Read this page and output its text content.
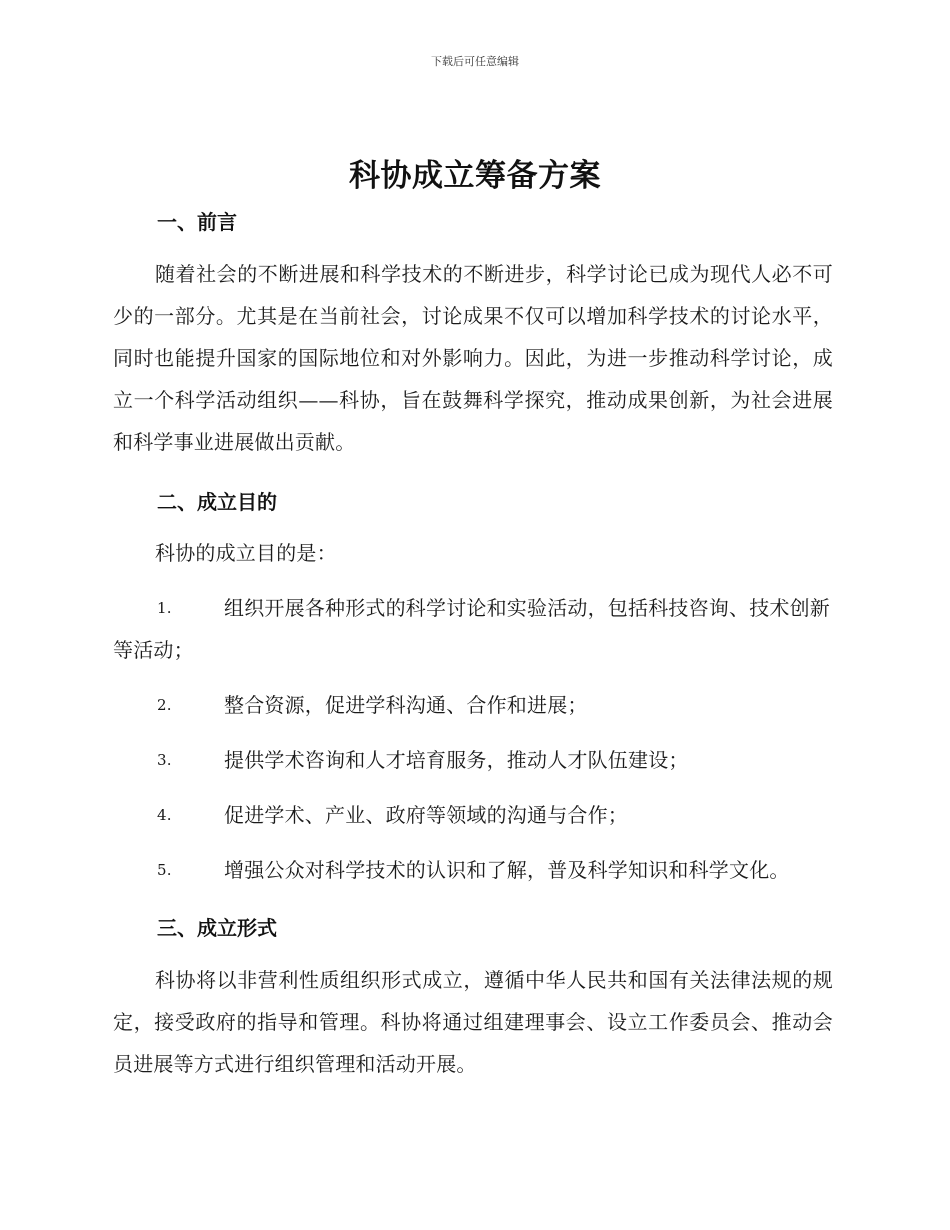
下载后可任意编辑
科协成立筹备方案
一、前言
随着社会的不断进展和科学技术的不断进步，科学讨论已成为现代人必不可少的一部分。尤其是在当前社会，讨论成果不仅可以增加科学技术的讨论水平，同时也能提升国家的国际地位和对外影响力。因此，为进一步推动科学讨论，成立一个科学活动组织——科协，旨在鼓舞科学探究，推动成果创新，为社会进展和科学事业进展做出贡献。
二、成立目的
科协的成立目的是：
1.	组织开展各种形式的科学讨论和实验活动，包括科技咨询、技术创新等活动；
2.	整合资源，促进学科沟通、合作和进展；
3.	提供学术咨询和人才培育服务，推动人才队伍建设；
4.	促进学术、产业、政府等领域的沟通与合作；
5.	增强公众对科学技术的认识和了解，普及科学知识和科学文化。
三、成立形式
科协将以非营利性质组织形式成立，遵循中华人民共和国有关法律法规的规定，接受政府的指导和管理。科协将通过组建理事会、设立工作委员会、推动会员进展等方式进行组织管理和活动开展。
